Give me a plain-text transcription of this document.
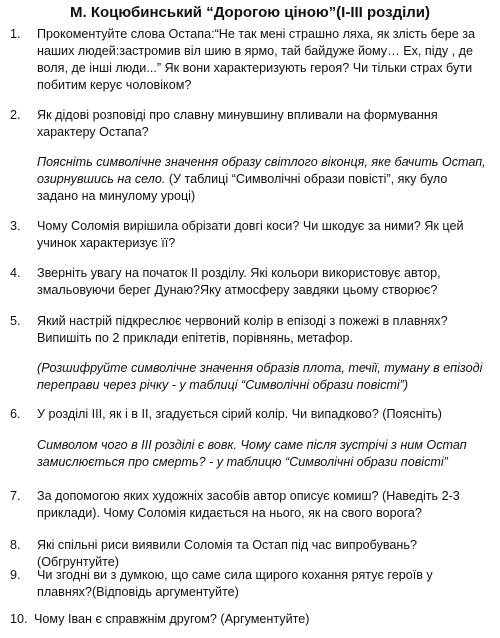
М. Коцюбинський “Дорогою ціною”(І-ІІІ розділи)
1. Прокоментуйте слова Остапа:“Не так мені страшно ляха, як злість бере за наших людей:застромив віл шию в ярмо, тай байдуже йому… Ех, піду , де воля, де інші люди...” Як вони характеризують героя? Чи тільки страх бути побитим керує чоловіком?
2. Як дідові розповіді про славну минувшину впливали на формування характеру Остапа?
Поясніть символічне значення образу світлого віконця, яке бачить Остап, озирнувшись на село. (У таблиці “Символічні образи повісті”, яку було задано на минулому уроці)
3. Чому Соломія вирішила обрізати довгі коси? Чи шкодує за ними? Як цей учинок характеризує її?
4. Зверніть увагу на початок ІІ розділу. Які кольори використовує автор, змальовуючи берег Дунаю?Яку атмосферу завдяки цьому створює?
5. Який настрій підкреслює червоний колір в епізоді з пожежі в плавнях? Випишіть по 2 приклади епітетів, порівнянь, метафор.
(Розшифруйте символічне значення образів плота, течії, туману в епізоді переправи через річку - у таблиці “Символічні образи повісті”)
6. У розділі ІІІ, як і в ІІ, згадується сірий колір. Чи випадково? (Поясніть)
Символом чого в ІІІ розділі є вовк. Чому саме після зустрічі з ним Остап замислюється про смерть? - у таблицю “Символічні образи повісті”
7. За допомогою яких художніх засобів автор описує комиш? (Наведіть 2-3 приклади). Чому Соломія кидається на нього, як на свого ворога?
8. Які спільні риси виявили Соломія та Остап під час випробувань? (Обгрунтуйте)
9. Чи згодні ви з думкою, що саме сила щирого кохання рятує героїв у плавнях?(Відповідь аргументуйте)
10. Чому Іван є справжнім другом? (Аргументуйте)
